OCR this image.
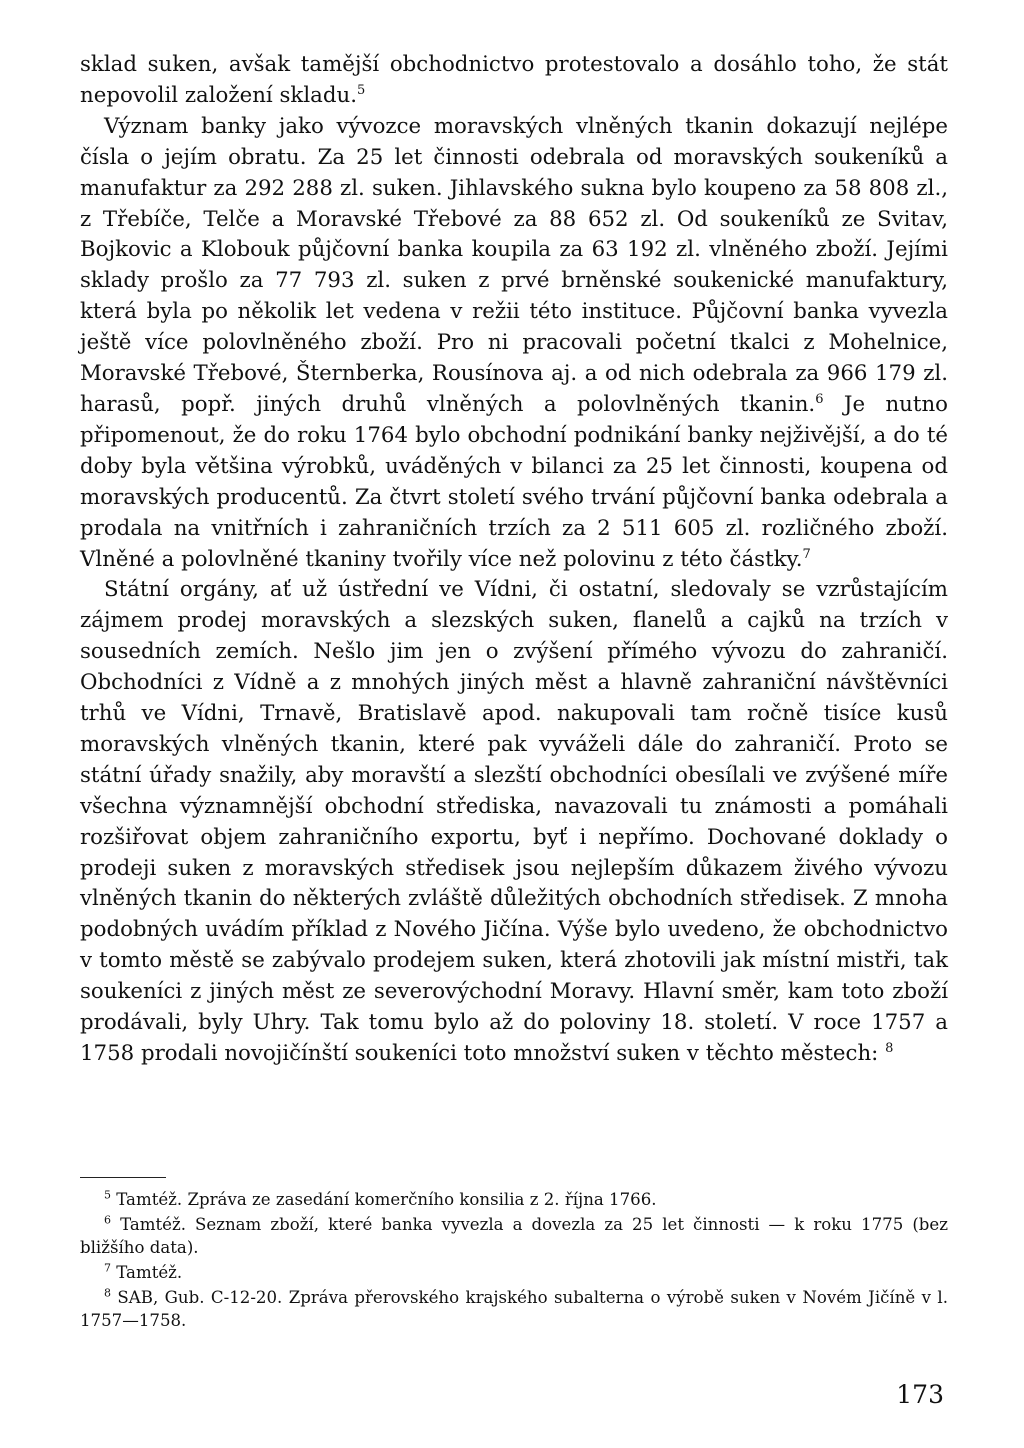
sklad suken, avšak tamější obchodnictvo protestovalo a dosáhlo toho, že stát nepovolil založení skladu.$^5$

Význam banky jako vývozce moravských vlněných tkanin dokazují nejlépe čísla o jejím obratu. Za 25 let činnosti odebrala od moravských soukeníků a manufaktur za 292 288 zl. suken. Jihlavského sukna bylo koupeno za 58 808 zl., z Třebíče, Telče a Moravské Třebové za 88 652 zl. Od soukeníků ze Svitav, Bojkovic a Klobouk půjčovní banka koupila za 63 192 zl. vlněného zboží. Jejími sklady prošlo za 77 793 zl. suken z prvé brněnské soukenické manufaktury, která byla po několik let vedena v režii této instituce. Půjčovní banka vyvezla ještě více polovlněného zboží. Pro ni pracovali početní tkalci z Mohelnice, Moravské Třebové, Šternberka, Rousínova aj. a od nich odebrala za 966 179 zl. harasů, popř. jiných druhů vlněných a polovlněných tkanin.$^6$ Je nutno připomenout, že do roku 1764 bylo obchodní podnikání banky nejživější, a do té doby byla většina výrobků, uváděných v bilanci za 25 let činnosti, koupena od moravských producentů. Za čtvrt století svého trvání půjčovní banka odebrala a prodala na vnitřních i zahraničních trzích za 2 511 605 zl. rozličného zboží. Vlněné a polovlněné tkaniny tvořily více než polovinu z této částky.$^7$

Státní orgány, ať už ústřední ve Vídni, či ostatní, sledovaly se vzrůstajícím zájmem prodej moravských a slezských suken, flanelů a cajků na trzích v sousedních zemích. Nešlo jim jen o zvýšení přímého vývozu do zahraničí. Obchodníci z Vídně a z mnohých jiných měst a hlavně zahraniční návštěvníci trhů ve Vídni, Trnavě, Bratislavě apod. nakupovali tam ročně tisíce kusů moravských vlněných tkanin, které pak vyváželi dále do zahraničí. Proto se státní úřady snažily, aby moravští a slezští obchodníci obesílali ve zvýšené míře všechna významnější obchodní střediska, navazovali tu známosti a pomáhali rozšiřovat objem zahraničního exportu, byť i nepřímo. Dochované doklady o prodeji suken z moravských středisek jsou nejlepším důkazem živého vývozu vlněných tkanin do některých zvláště důležitých obchodních středisek. Z mnoha podobných uvádím příklad z Nového Jičína. Výše bylo uvedeno, že obchodnictvo v tomto městě se zabývalo prodejem suken, která zhotovili jak místní mistři, tak soukeníci z jiných měst ze severovýchodní Moravy. Hlavní směr, kam toto zboží prodávali, byly Uhry. Tak tomu bylo až do poloviny 18. století. V roce 1757 a 1758 prodali novojičínští soukeníci toto množství suken v těchto městech: $^8$

$^5$ Tamtéž. Zpráva ze zasedání komerčního konsilia z 2. října 1766.

$^6$ Tamtéž. Seznam zboží, které banka vyvezla a dovezla za 25 let činnosti — k roku 1775 (bez bližšího data).

$^7$ Tamtéž.

$^8$ SAB, Gub. C-12-20. Zpráva přerovského krajského subalterna o výrobě suken v Novém Jičíně v l. 1757—1758.

173
